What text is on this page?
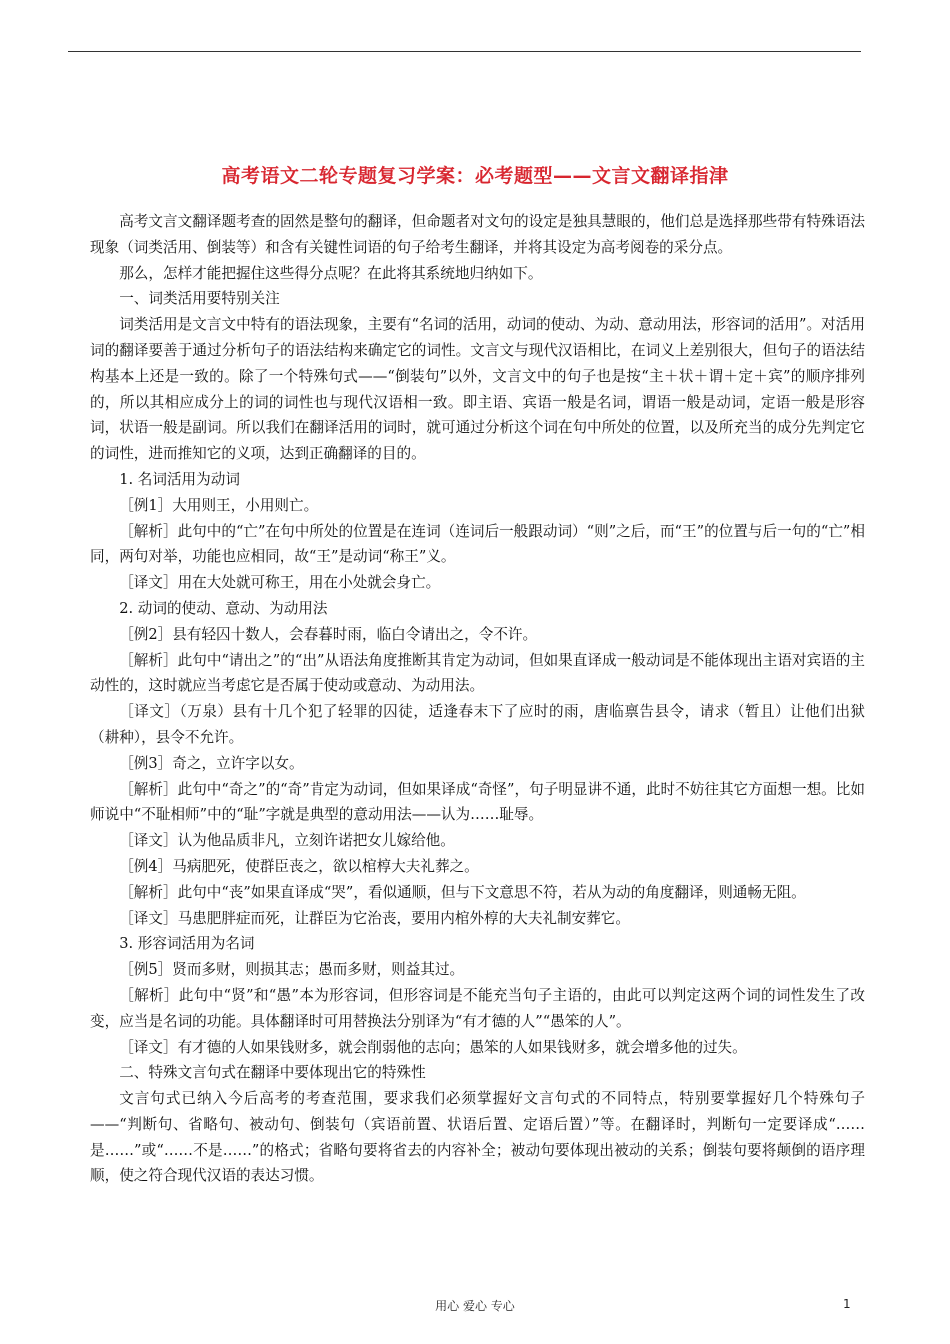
高考语文二轮专题复习学案：必考题型——文言文翻译指津

高考文言文翻译题考查的固然是整句的翻译，但命题者对文句的设定是独具慧眼的，他们总是选择那些带有特殊语法现象（词类活用、倒装等）和含有关键性词语的句子给考生翻译，并将其设定为高考阅卷的采分点。

那么，怎样才能把握住这些得分点呢？在此将其系统地归纳如下。

一、词类活用要特别关注

词类活用是文言文中特有的语法现象，主要有“名词的活用，动词的使动、为动、意动用法，形容词的活用”。对活用词的翻译要善于通过分析句子的语法结构来确定它的词性。文言文与现代汉语相比，在词义上差别很大，但句子的语法结构基本上还是一致的。除了一个特殊句式——“倒装句”以外，文言文中的句子也是按“主＋状＋谓＋定＋宾”的顺序排列的，所以其相应成分上的词的词性也与现代汉语相一致。即主语、宾语一般是名词，谓语一般是动词，定语一般是形容词，状语一般是副词。所以我们在翻译活用的词时，就可通过分析这个词在句中所处的位置，以及所充当的成分先判定它的词性，进而推知它的义项，达到正确翻译的目的。

1. 名词活用为动词

［例1］大用则王，小用则亡。

［解析］此句中的“亡”在句中所处的位置是在连词（连词后一般跟动词）“则”之后，而“王”的位置与后一句的“亡”相同，两句对举，功能也应相同，故“王”是动词“称王”义。

［译文］用在大处就可称王，用在小处就会身亡。

2. 动词的使动、意动、为动用法

［例2］县有轻囚十数人，会春暮时雨，临白令请出之，令不许。

［解析］此句中“请出之”的“出”从语法角度推断其肯定为动词，但如果直译成一般动词是不能体现出主语对宾语的主动性的，这时就应当考虑它是否属于使动或意动、为动用法。

［译文］（万泉）县有十几个犯了轻罪的囚徒，适逢春末下了应时的雨，唐临禀告县令，请求（暂且）让他们出狱（耕种），县令不允许。

［例3］奇之，立许字以女。

［解析］此句中“奇之”的“奇”肯定为动词，但如果译成“奇怪”，句子明显讲不通，此时不妨往其它方面想一想。比如师说中“不耻相师”中的“耻”字就是典型的意动用法——认为……耻辱。

［译文］认为他品质非凡，立刻许诺把女儿嫁给他。

［例4］马病肥死，使群臣丧之，欲以棺椁大夫礼葬之。

［解析］此句中“丧”如果直译成“哭”，看似通顺，但与下文意思不符，若从为动的角度翻译，则通畅无阻。

［译文］马患肥胖症而死，让群臣为它治丧，要用内棺外椁的大夫礼制安葬它。

3. 形容词活用为名词

［例5］贤而多财，则损其志；愚而多财，则益其过。

［解析］此句中“贤”和“愚”本为形容词，但形容词是不能充当句子主语的，由此可以判定这两个词的词性发生了改变，应当是名词的功能。具体翻译时可用替换法分别译为“有才德的人”“愚笨的人”。

［译文］有才德的人如果钱财多，就会削弱他的志向；愚笨的人如果钱财多，就会增多他的过失。

二、特殊文言句式在翻译中要体现出它的特殊性

文言句式已纳入今后高考的考查范围，要求我们必须掌握好文言句式的不同特点，特别要掌握好几个特殊句子——“判断句、省略句、被动句、倒装句（宾语前置、状语后置、定语后置）”等。在翻译时，判断句一定要译成“……是……”或“……不是……”的格式；省略句要将省去的内容补全；被动句要体现出被动的关系；倒装句要将颠倒的语序理顺，使之符合现代汉语的表达习惯。

用心 爱心 专心	1
